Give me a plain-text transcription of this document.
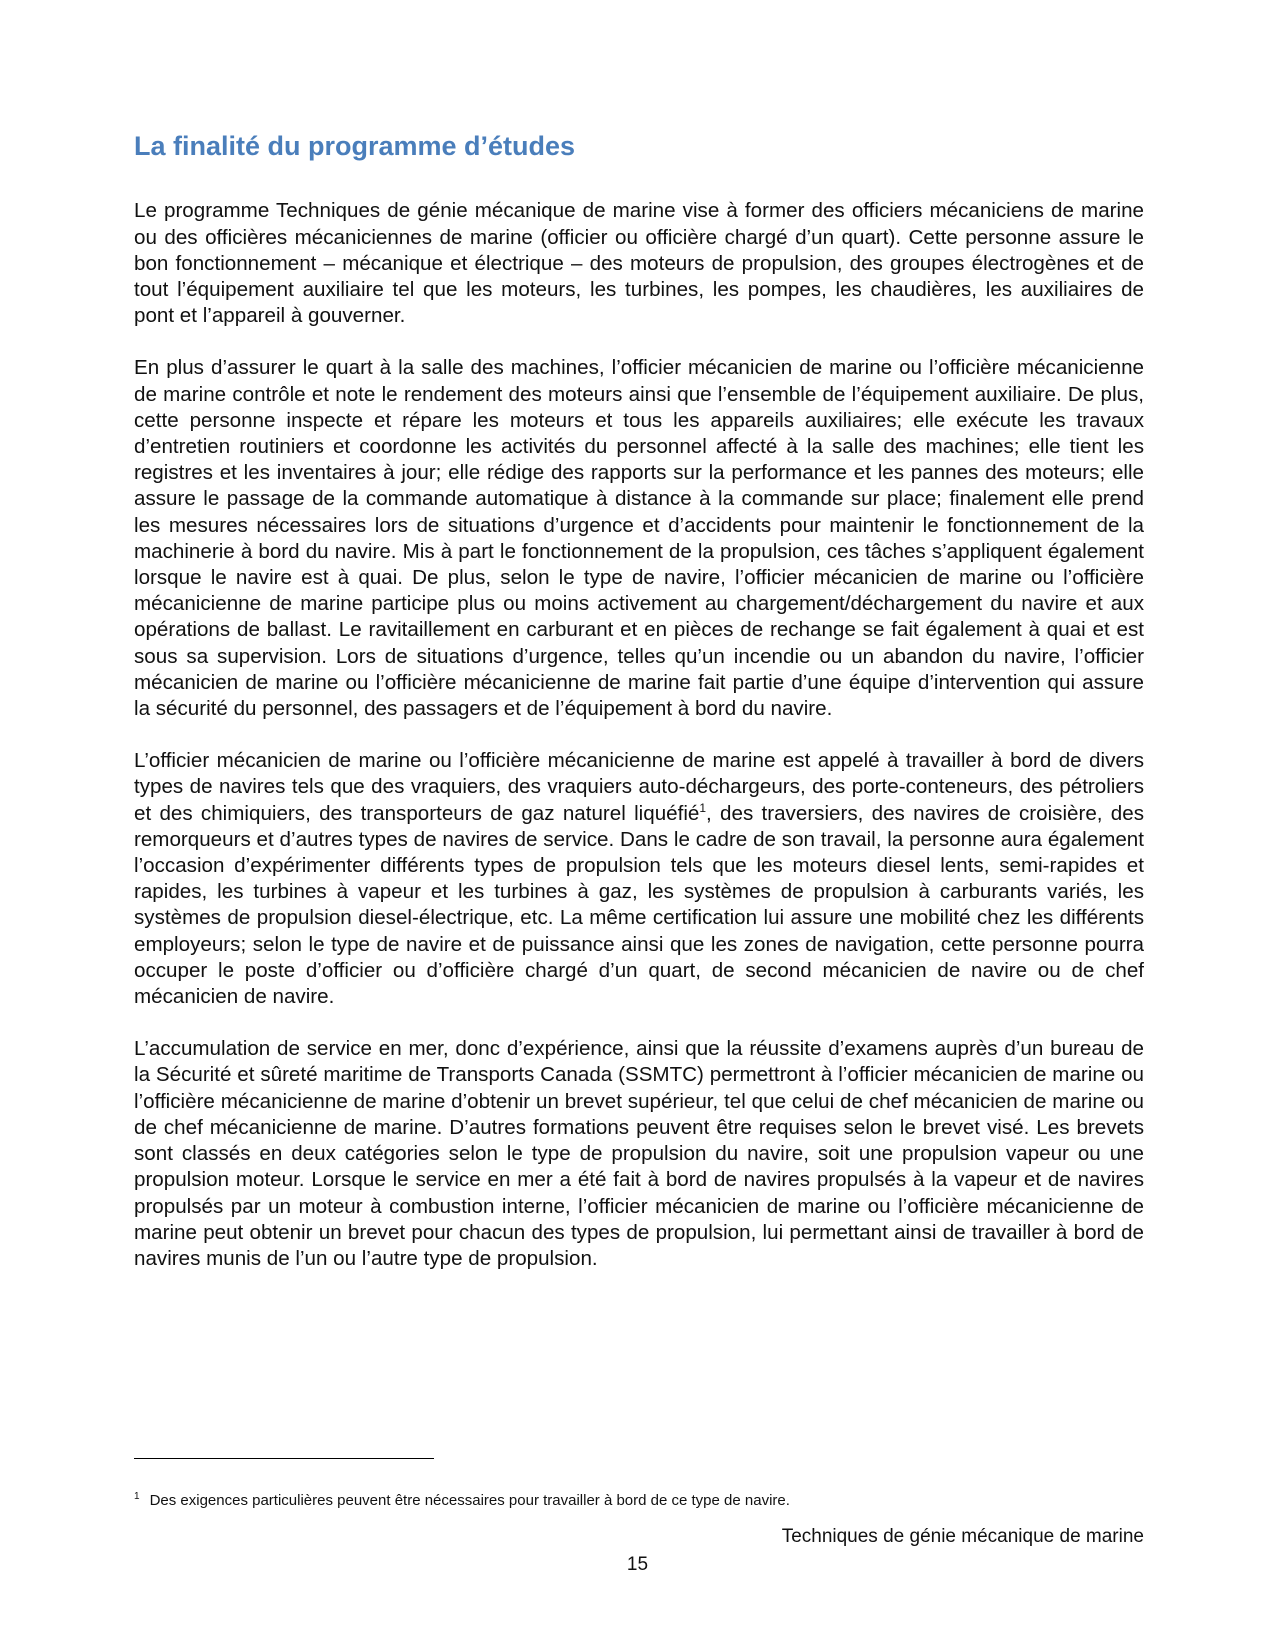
La finalité du programme d’études

Le programme Techniques de génie mécanique de marine vise à former des officiers mécaniciens de marine ou des officières mécaniciennes de marine (officier ou officière chargé d’un quart). Cette personne assure le bon fonctionnement – mécanique et électrique – des moteurs de propulsion, des groupes électrogènes et de tout l’équipement auxiliaire tel que les moteurs, les turbines, les pompes, les chaudières, les auxiliaires de pont et l’appareil à gouverner.

En plus d’assurer le quart à la salle des machines, l’officier mécanicien de marine ou l’officière mécanicienne de marine contrôle et note le rendement des moteurs ainsi que l’ensemble de l’équipement auxiliaire. De plus, cette personne inspecte et répare les moteurs et tous les appareils auxiliaires; elle exécute les travaux d’entretien routiniers et coordonne les activités du personnel affecté à la salle des machines; elle tient les registres et les inventaires à jour; elle rédige des rapports sur la performance et les pannes des moteurs; elle assure le passage de la commande automatique à distance à la commande sur place; finalement elle prend les mesures nécessaires lors de situations d’urgence et d’accidents pour maintenir le fonctionnement de la machinerie à bord du navire. Mis à part le fonctionnement de la propulsion, ces tâches s’appliquent également lorsque le navire est à quai. De plus, selon le type de navire, l’officier mécanicien de marine ou l’officière mécanicienne de marine participe plus ou moins activement au chargement/déchargement du navire et aux opérations de ballast. Le ravitaillement en carburant et en pièces de rechange se fait également à quai et est sous sa supervision. Lors de situations d’urgence, telles qu’un incendie ou un abandon du navire, l’officier mécanicien de marine ou l’officière mécanicienne de marine fait partie d’une équipe d’intervention qui assure la sécurité du personnel, des passagers et de l’équipement à bord du navire.

L’officier mécanicien de marine ou l’officière mécanicienne de marine est appelé à travailler à bord de divers types de navires tels que des vraquiers, des vraquiers auto-déchargeurs, des porte-conteneurs, des pétroliers et des chimiquiers, des transporteurs de gaz naturel liquéfié$^1$, des traversiers, des navires de croisière, des remorqueurs et d’autres types de navires de service. Dans le cadre de son travail, la personne aura également l’occasion d’expérimenter différents types de propulsion tels que les moteurs diesel lents, semi-rapides et rapides, les turbines à vapeur et les turbines à gaz, les systèmes de propulsion à carburants variés, les systèmes de propulsion diesel-électrique, etc. La même certification lui assure une mobilité chez les différents employeurs; selon le type de navire et de puissance ainsi que les zones de navigation, cette personne pourra occuper le poste d’officier ou d’officière chargé d’un quart, de second mécanicien de navire ou de chef mécanicien de navire.

L’accumulation de service en mer, donc d’expérience, ainsi que la réussite d’examens auprès d’un bureau de la Sécurité et sûreté maritime de Transports Canada (SSMTC) permettront à l’officier mécanicien de marine ou l’officière mécanicienne de marine d’obtenir un brevet supérieur, tel que celui de chef mécanicien de marine ou de chef mécanicienne de marine. D’autres formations peuvent être requises selon le brevet visé. Les brevets sont classés en deux catégories selon le type de propulsion du navire, soit une propulsion vapeur ou une propulsion moteur. Lorsque le service en mer a été fait à bord de navires propulsés à la vapeur et de navires propulsés par un moteur à combustion interne, l’officier mécanicien de marine ou l’officière mécanicienne de marine peut obtenir un brevet pour chacun des types de propulsion, lui permettant ainsi de travailler à bord de navires munis de l’un ou l’autre type de propulsion.

$^1$ Des exigences particulières peuvent être nécessaires pour travailler à bord de ce type de navire.
Techniques de génie mécanique de marine
15
